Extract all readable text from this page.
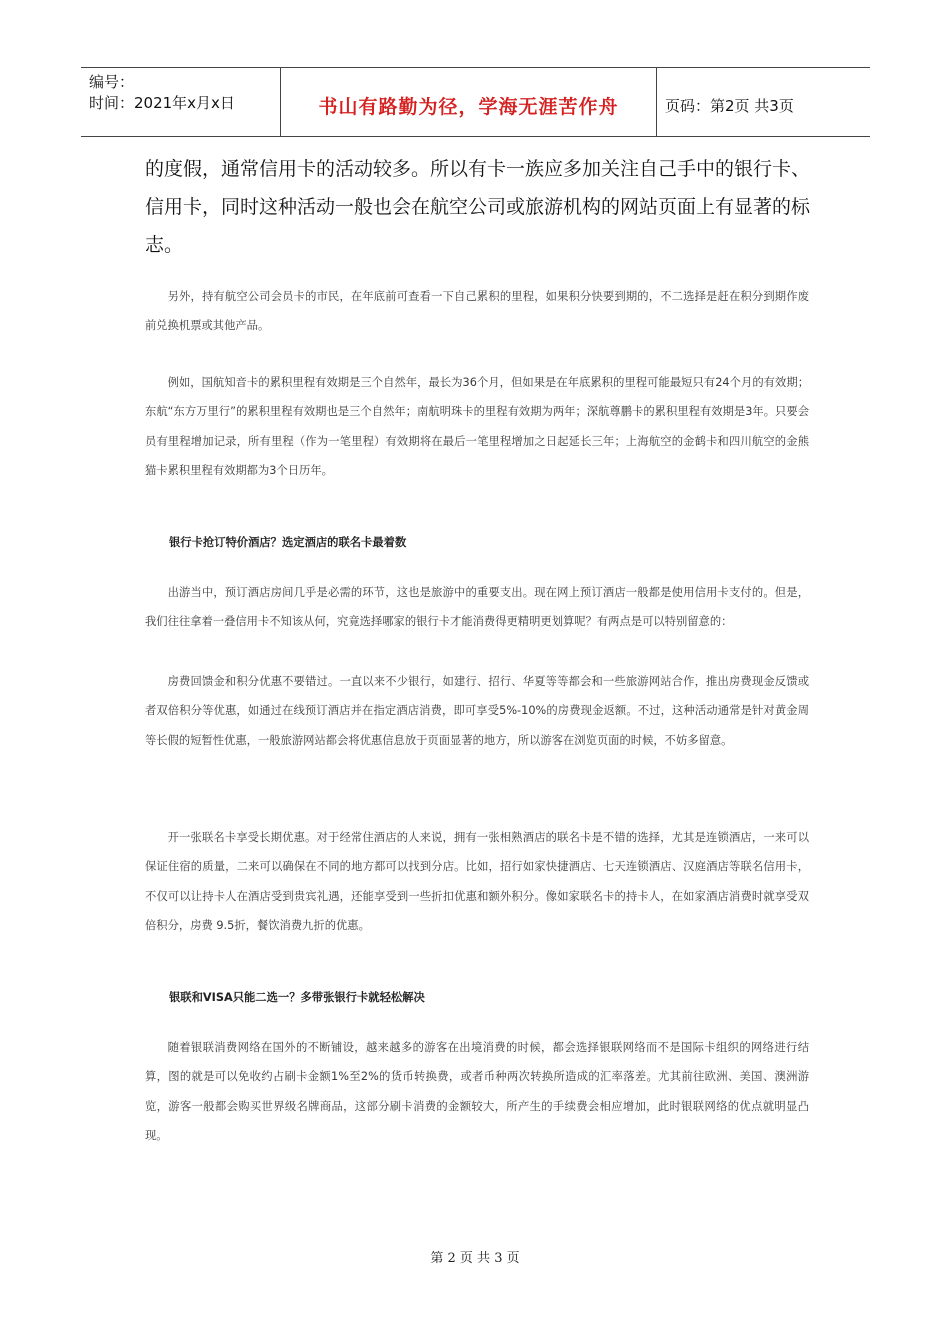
编号：
时间：2021年x月x日	书山有路勤为径，学海无涯苦作舟	页码：第2页 共3页

的度假，通常信用卡的活动较多。所以有卡一族应多加关注自己手中的银行卡、信用卡，同时这种活动一般也会在航空公司或旅游机构的网站页面上有显著的标志。

另外，持有航空公司会员卡的市民，在年底前可查看一下自己累积的里程，如果积分快要到期的，不二选择是赶在积分到期作废前兑换机票或其他产品。

例如，国航知音卡的累积里程有效期是三个自然年，最长为36个月，但如果是在年底累积的里程可能最短只有24个月的有效期；东航“东方万里行”的累积里程有效期也是三个自然年；南航明珠卡的里程有效期为两年；深航尊鹏卡的累积里程有效期是3年。只要会员有里程增加记录，所有里程（作为一笔里程）有效期将在最后一笔里程增加之日起延长三年；上海航空的金鹤卡和四川航空的金熊猫卡累积里程有效期都为3个日历年。

银行卡抢订特价酒店？选定酒店的联名卡最着数

出游当中，预订酒店房间几乎是必需的环节，这也是旅游中的重要支出。现在网上预订酒店一般都是使用信用卡支付的。但是，我们往往拿着一叠信用卡不知该从何，究竟选择哪家的银行卡才能消费得更精明更划算呢？有两点是可以特别留意的：

房费回馈金和积分优惠不要错过。一直以来不少银行，如建行、招行、华夏等等都会和一些旅游网站合作，推出房费现金反馈或者双倍积分等优惠，如通过在线预订酒店并在指定酒店消费，即可享受5%-10%的房费现金返额。不过，这种活动通常是针对黄金周等长假的短暂性优惠，一般旅游网站都会将优惠信息放于页面显著的地方，所以游客在浏览页面的时候，不妨多留意。

开一张联名卡享受长期优惠。对于经常住酒店的人来说，拥有一张相熟酒店的联名卡是不错的选择，尤其是连锁酒店，一来可以保证住宿的质量，二来可以确保在不同的地方都可以找到分店。比如，招行如家快捷酒店、七天连锁酒店、汉庭酒店等联名信用卡，不仅可以让持卡人在酒店受到贵宾礼遇，还能享受到一些折扣优惠和额外积分。像如家联名卡的持卡人，在如家酒店消费时就享受双倍积分，房费 9.5折，餐饮消费九折的优惠。

银联和VISA只能二选一？多带张银行卡就轻松解决

随着银联消费网络在国外的不断铺设，越来越多的游客在出境消费的时候，都会选择银联网络而不是国际卡组织的网络进行结算，图的就是可以免收约占刷卡金额1%至2%的货币转换费，或者币种两次转换所造成的汇率落差。尤其前往欧洲、美国、澳洲游览，游客一般都会购买世界级名牌商品，这部分刷卡消费的金额较大，所产生的手续费会相应增加，此时银联网络的优点就明显凸现。

第 2 页 共 3 页
